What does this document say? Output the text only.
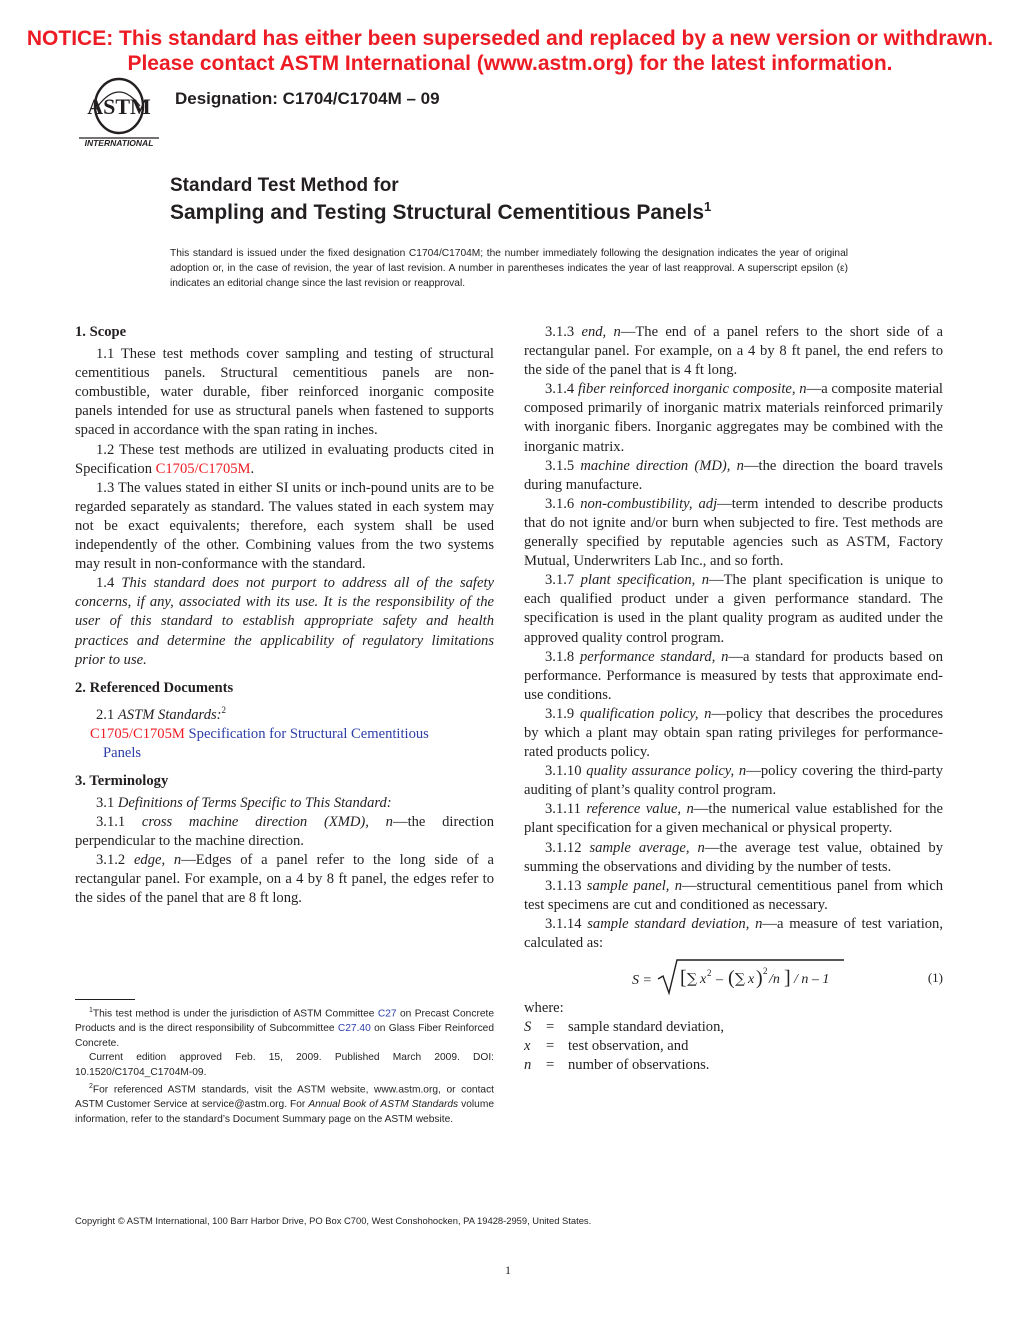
NOTICE: This standard has either been superseded and replaced by a new version or withdrawn.
Please contact ASTM International (www.astm.org) for the latest information.
ASTM
INTERNATIONAL
Designation: C1704/C1704M – 09
Standard Test Method for
Sampling and Testing Structural Cementitious Panels$^1$
This standard is issued under the fixed designation C1704/C1704M; the number immediately following the designation indicates the year of original adoption or, in the case of revision, the year of last revision. A number in parentheses indicates the year of last reapproval. A superscript epsilon (ε) indicates an editorial change since the last revision or reapproval.

1. Scope

1.1 These test methods cover sampling and testing of structural cementitious panels. Structural cementitious panels are non-combustible, water durable, fiber reinforced inorganic composite panels intended for use as structural panels when fastened to supports spaced in accordance with the span rating in inches.

1.2 These test methods are utilized in evaluating products cited in Specification C1705/C1705M.

1.3 The values stated in either SI units or inch-pound units are to be regarded separately as standard. The values stated in each system may not be exact equivalents; therefore, each system shall be used independently of the other. Combining values from the two systems may result in non-conformance with the standard.

1.4 This standard does not purport to address all of the safety concerns, if any, associated with its use. It is the responsibility of the user of this standard to establish appropriate safety and health practices and determine the applicability of regulatory limitations prior to use.

2. Referenced Documents

2.1 ASTM Standards:$^2$

C1705/C1705M Specification for Structural Cementitious
Panels

3. Terminology

3.1 Definitions of Terms Specific to This Standard:

3.1.1 cross machine direction (XMD), n—the direction perpendicular to the machine direction.

3.1.2 edge, n—Edges of a panel refer to the long side of a rectangular panel. For example, on a 4 by 8 ft panel, the edges refer to the sides of the panel that are 8 ft long.

3.1.3 end, n—The end of a panel refers to the short side of a rectangular panel. For example, on a 4 by 8 ft panel, the end refers to the side of the panel that is 4 ft long.

3.1.4 fiber reinforced inorganic composite, n—a composite material composed primarily of inorganic matrix materials reinforced primarily with inorganic fibers. Inorganic aggregates may be combined with the inorganic matrix.

3.1.5 machine direction (MD), n—the direction the board travels during manufacture.

3.1.6 non-combustibility, adj—term intended to describe products that do not ignite and/or burn when subjected to fire. Test methods are generally specified by reputable agencies such as ASTM, Factory Mutual, Underwriters Lab Inc., and so forth.

3.1.7 plant specification, n—The plant specification is unique to each qualified product under a given performance standard. The specification is used in the plant quality program as audited under the approved quality control program.

3.1.8 performance standard, n—a standard for products based on performance. Performance is measured by tests that approximate end-use conditions.

3.1.9 qualification policy, n—policy that describes the procedures by which a plant may obtain span rating privileges for performance-rated products policy.

3.1.10 quality assurance policy, n—policy covering the third-party auditing of plant’s quality control program.

3.1.11 reference value, n—the numerical value established for the plant specification for a given mechanical or physical property.

3.1.12 sample average, n—the average test value, obtained by summing the observations and dividing by the number of tests.

3.1.13 sample panel, n—structural cementitious panel from which test specimens are cut and conditioned as necessary.

3.1.14 sample standard deviation, n—a measure of test variation, calculated as:

S = [ ∑ x 2 – ( ∑ x ) 2
/n ] / n – 1	(1)

where:

S	= sample standard deviation,

x	= test observation, and

n	= number of observations.

$^1$This test method is under the jurisdiction of ASTM Committee C27 on Precast Concrete Products and is the direct responsibility of Subcommittee C27.40 on Glass Fiber Reinforced Concrete.

Current edition approved Feb. 15, 2009. Published March 2009. DOI: 10.1520/C1704_C1704M-09.

$^2$For referenced ASTM standards, visit the ASTM website, www.astm.org, or contact ASTM Customer Service at service@astm.org. For Annual Book of ASTM Standards volume information, refer to the standard’s Document Summary page on the ASTM website.

Copyright © ASTM International, 100 Barr Harbor Drive, PO Box C700, West Conshohocken, PA 19428-2959, United States.
1
